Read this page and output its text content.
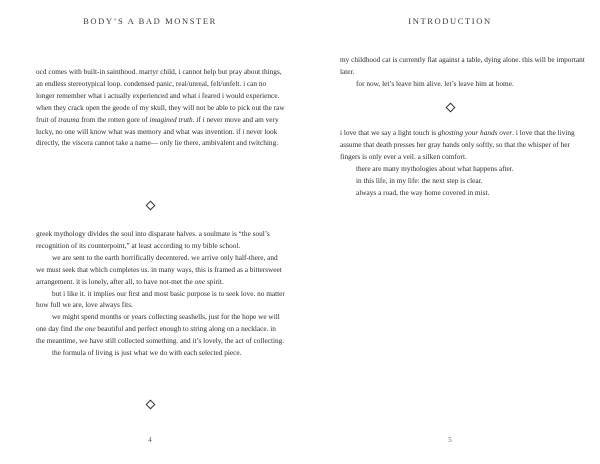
BODY’S A BAD MONSTER

ocd comes with built-in sainthood. martyr child, i cannot help but pray about things, an endless stereotypical loop. condensed panic, real/unreal, felt/unfelt. i can no longer remember what i actually experienced and what i feared i would experience. when they crack open the geode of my skull, they will not be able to pick out the raw fruit of trauma from the rotten gore of imagined truth. if i never move and am very lucky, no one will know what was memory and what was invention. if i never look directly, the viscera cannot take a name— only lie there, ambivalent and twitching.

greek mythology divides the soul into disparate halves. a soulmate is “the soul’s recognition of its counterpoint,” at least according to my bible school.

we are sent to the earth horrifically decentered. we arrive only half-there, and we must seek that which completes us. in many ways, this is framed as a bittersweet arrangement. it is lonely, after all, to have not-met the one spirit.

but i like it. it implies our first and most basic purpose is to seek love. no matter how full we are, love always fits.

we might spend months or years collecting seashells, just for the hope we will one day find the one beautiful and perfect enough to string along on a necklace. in the meantime, we have still collected something. and it’s lovely, the act of collecting.

the formula of living is just what we do with each selected piece.

4
INTRODUCTION

my childhood cat is currently flat against a table, dying alone. this will be important later.

for now, let’s leave him alive. let’s leave him at home.

i love that we say a light touch is ghosting your hands over. i love that the living assume that death presses her gray hands only softly, so that the whisper of her fingers is only ever a veil. a silken comfort.

there are many mythologies about what happens after.

in this life, in my life: the next step is clear.

always a road, the way home covered in mist.

5
